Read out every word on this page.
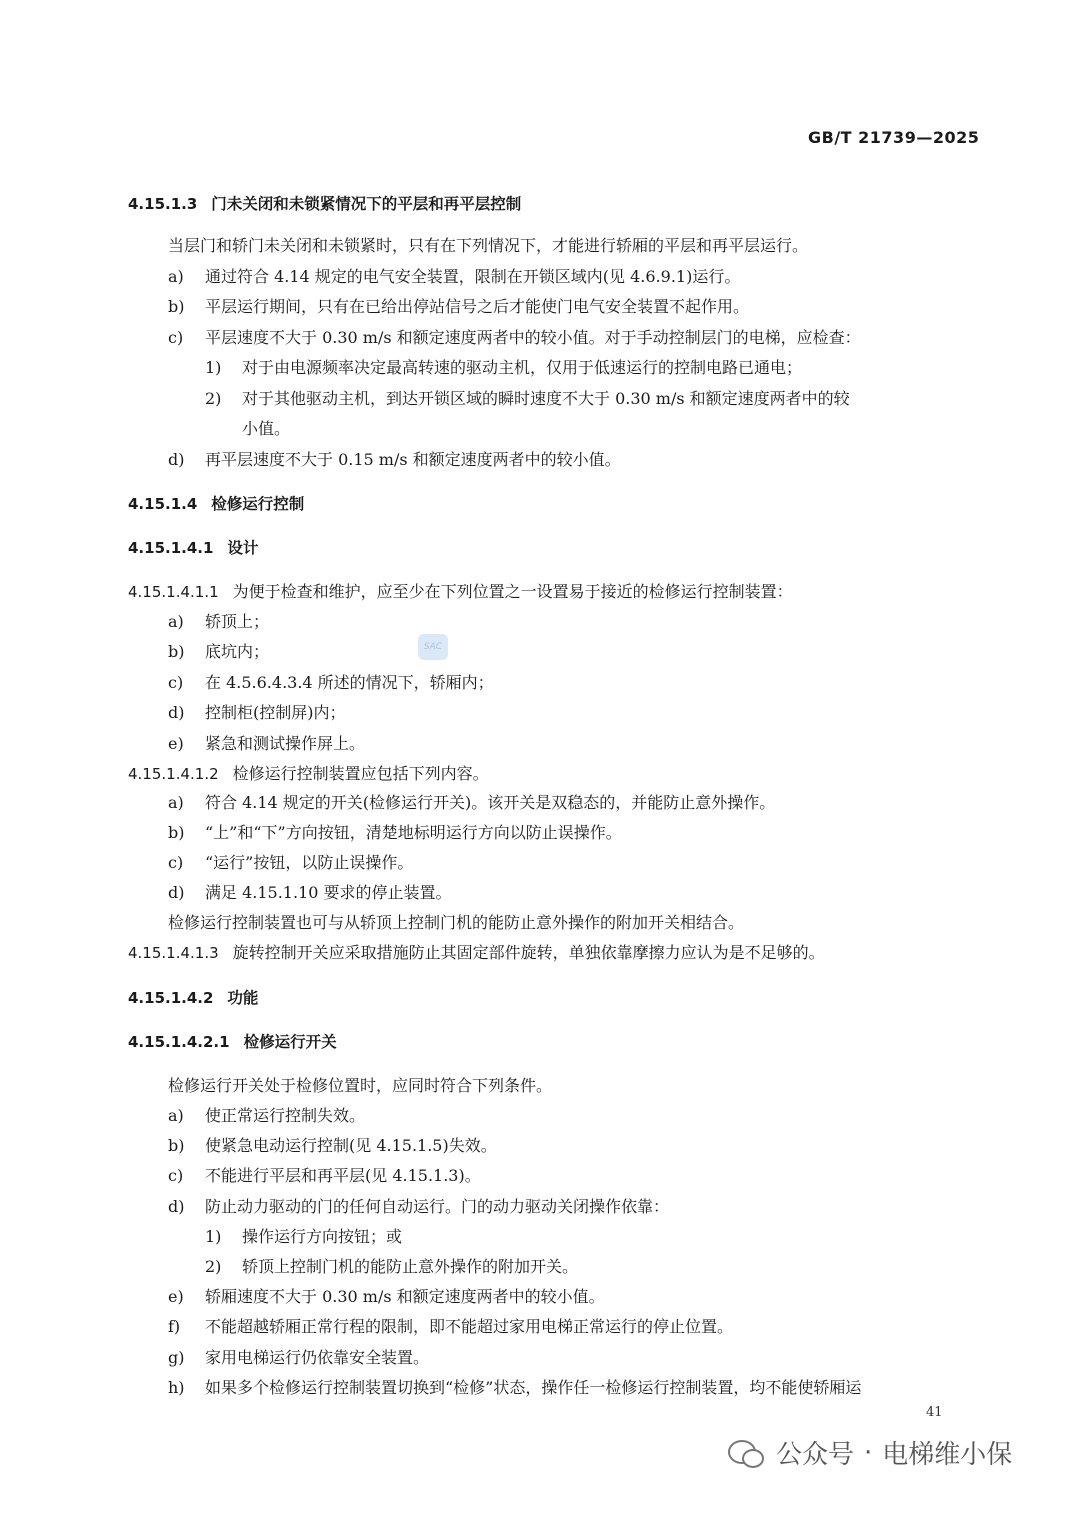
GB/T 21739—2025
4.15.1.3 门未关闭和未锁紧情况下的平层和再平层控制
当层门和轿门未关闭和未锁紧时，只有在下列情况下，才能进行轿厢的平层和再平层运行。
a) 通过符合 4.14 规定的电气安全装置，限制在开锁区域内(见 4.6.9.1)运行。
b) 平层运行期间，只有在已给出停站信号之后才能使门电气安全装置不起作用。
c) 平层速度不大于 0.30 m/s 和额定速度两者中的较小值。对于手动控制层门的电梯，应检查：
1) 对于由电源频率决定最高转速的驱动主机，仅用于低速运行的控制电路已通电；
2) 对于其他驱动主机，到达开锁区域的瞬时速度不大于 0.30 m/s 和额定速度两者中的较
小值。
d) 再平层速度不大于 0.15 m/s 和额定速度两者中的较小值。
4.15.1.4 检修运行控制
4.15.1.4.1 设计
4.15.1.4.1.1 为便于检查和维护，应至少在下列位置之一设置易于接近的检修运行控制装置：
a) 轿顶上；
b) 底坑内；
c) 在 4.5.6.4.3.4 所述的情况下，轿厢内；
d) 控制柜(控制屏)内；
e) 紧急和测试操作屏上。
4.15.1.4.1.2 检修运行控制装置应包括下列内容。
a) 符合 4.14 规定的开关(检修运行开关)。该开关是双稳态的，并能防止意外操作。
b) “上”和“下”方向按钮，清楚地标明运行方向以防止误操作。
c) “运行”按钮，以防止误操作。
d) 满足 4.15.1.10 要求的停止装置。
检修运行控制装置也可与从轿顶上控制门机的能防止意外操作的附加开关相结合。
4.15.1.4.1.3 旋转控制开关应采取措施防止其固定部件旋转，单独依靠摩擦力应认为是不足够的。
4.15.1.4.2 功能
4.15.1.4.2.1 检修运行开关
检修运行开关处于检修位置时，应同时符合下列条件。
a) 使正常运行控制失效。
b) 使紧急电动运行控制(见 4.15.1.5)失效。
c) 不能进行平层和再平层(见 4.15.1.3)。
d) 防止动力驱动的门的任何自动运行。门的动力驱动关闭操作依靠：
1) 操作运行方向按钮；或
2) 轿顶上控制门机的能防止意外操作的附加开关。
e) 轿厢速度不大于 0.30 m/s 和额定速度两者中的较小值。
f) 不能超越轿厢正常行程的限制，即不能超过家用电梯正常运行的停止位置。
g) 家用电梯运行仍依靠安全装置。
h) 如果多个检修运行控制装置切换到“检修”状态，操作任一检修运行控制装置，均不能使轿厢运
SAC
41
公众号 · 电梯维小保
